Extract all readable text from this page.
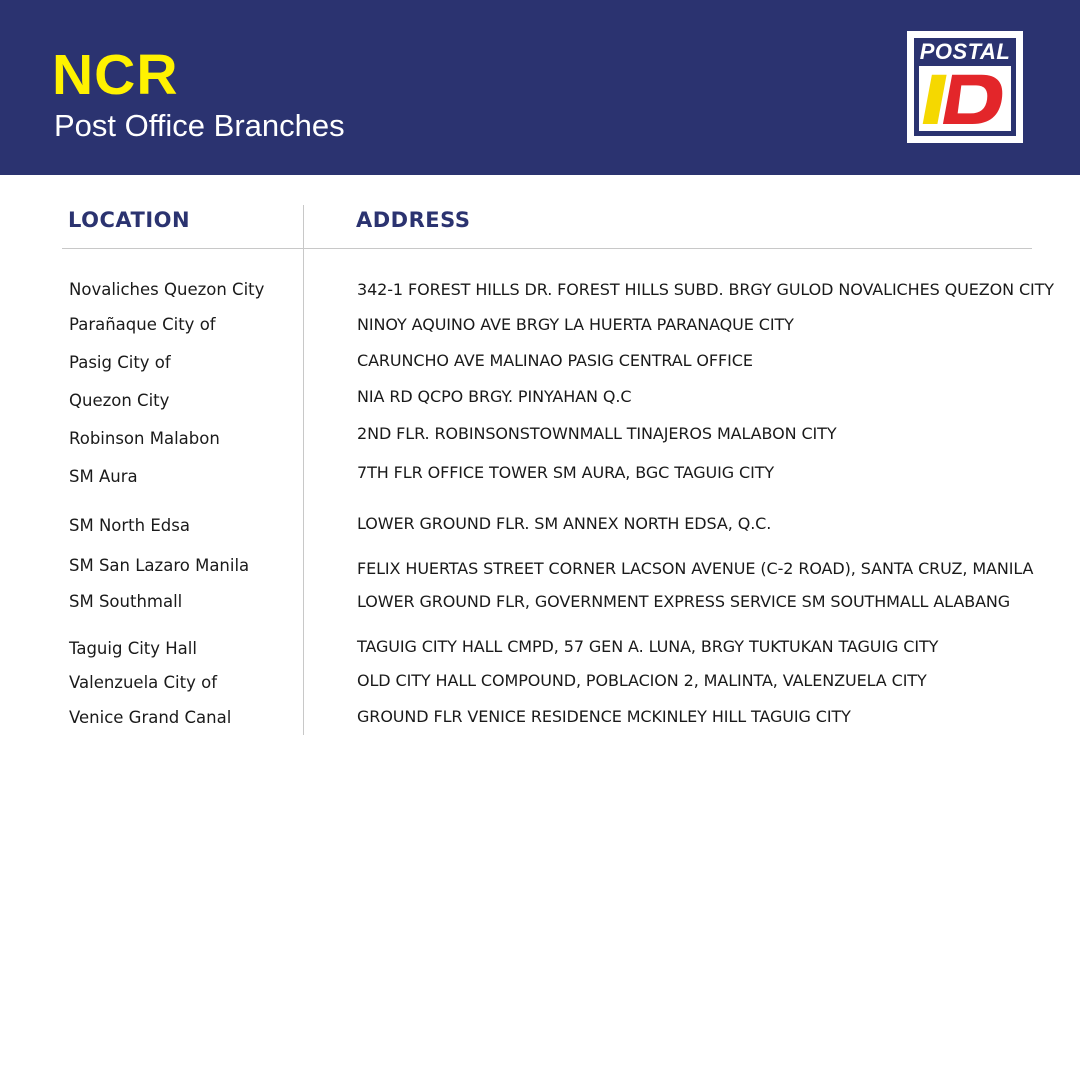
NCR
Post Office Branches
POSTAL
LOCATION	ADDRESS
Novaliches Quezon City	342-1 FOREST HILLS DR. FOREST HILLS SUBD. BRGY GULOD NOVALICHES QUEZON CITY
Parañaque City of	NINOY AQUINO AVE BRGY LA HUERTA PARANAQUE CITY
Pasig City of	CARUNCHO AVE MALINAO PASIG CENTRAL OFFICE
Quezon City	NIA RD QCPO BRGY. PINYAHAN Q.C
Robinson Malabon	2ND FLR. ROBINSONSTOWNMALL TINAJEROS MALABON CITY
SM Aura	7TH FLR OFFICE TOWER SM AURA, BGC TAGUIG CITY
SM North Edsa	LOWER GROUND FLR. SM ANNEX NORTH EDSA, Q.C.
SM San Lazaro Manila	FELIX HUERTAS STREET CORNER LACSON AVENUE (C-2 ROAD), SANTA CRUZ, MANILA
SM Southmall	LOWER GROUND FLR, GOVERNMENT EXPRESS SERVICE SM SOUTHMALL ALABANG
Taguig City Hall	TAGUIG CITY HALL CMPD, 57 GEN A. LUNA, BRGY TUKTUKAN TAGUIG CITY
Valenzuela City of	OLD CITY HALL COMPOUND, POBLACION 2, MALINTA, VALENZUELA CITY
Venice Grand Canal	GROUND FLR VENICE RESIDENCE MCKINLEY HILL TAGUIG CITY
